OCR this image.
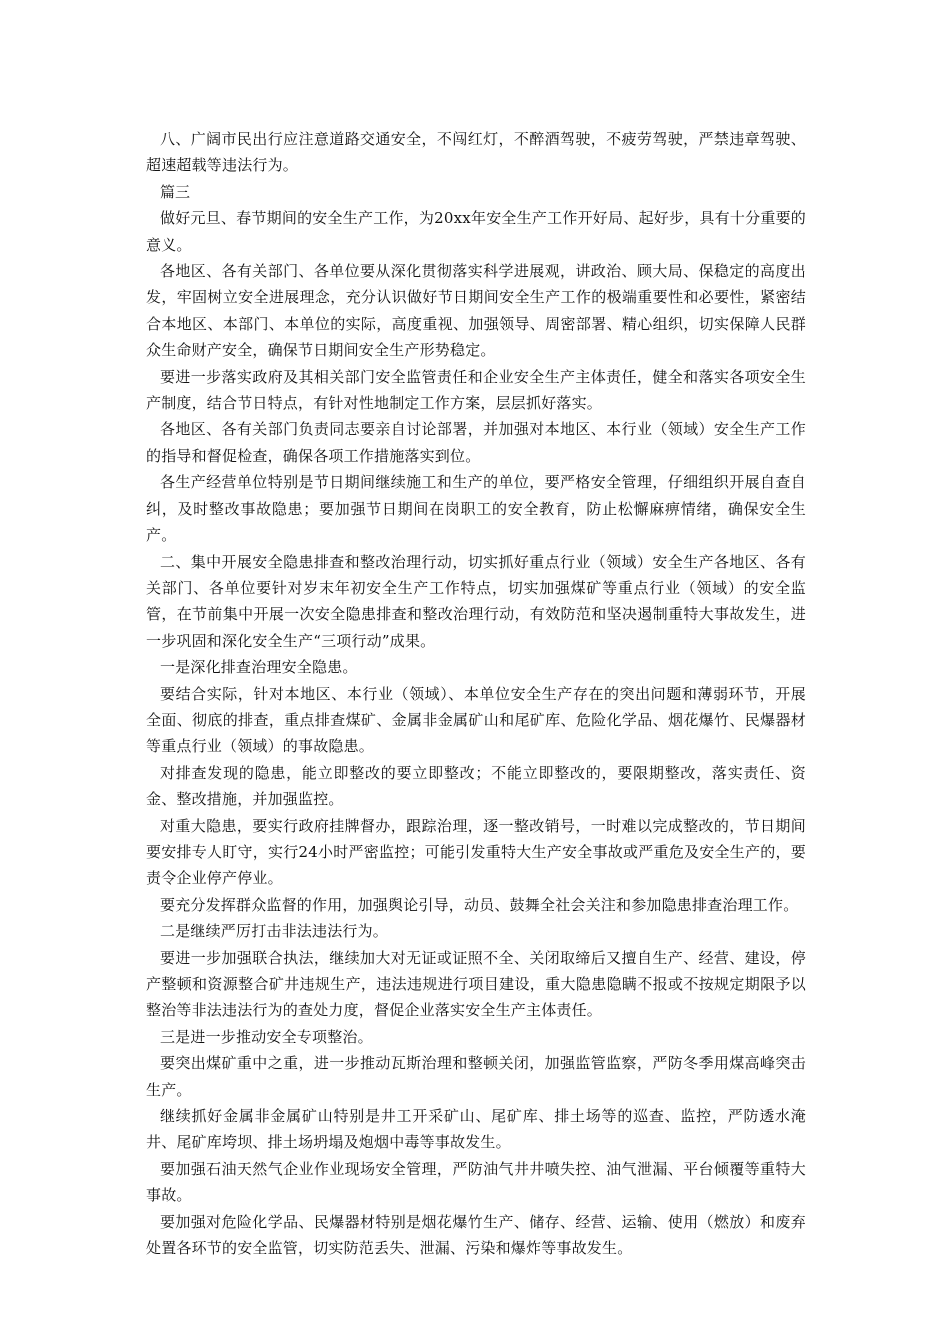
八、广阔市民出行应注意道路交通安全，不闯红灯，不醉酒驾驶，不疲劳驾驶，严禁违章驾驶、超速超载等违法行为。

篇三

做好元旦、春节期间的安全生产工作，为20xx年安全生产工作开好局、起好步，具有十分重要的意义。

各地区、各有关部门、各单位要从深化贯彻落实科学进展观，讲政治、顾大局、保稳定的高度出发，牢固树立安全进展理念，充分认识做好节日期间安全生产工作的极端重要性和必要性，紧密结合本地区、本部门、本单位的实际，高度重视、加强领导、周密部署、精心组织，切实保障人民群众生命财产安全，确保节日期间安全生产形势稳定。

要进一步落实政府及其相关部门安全监管责任和企业安全生产主体责任，健全和落实各项安全生产制度，结合节日特点，有针对性地制定工作方案，层层抓好落实。

各地区、各有关部门负责同志要亲自讨论部署，并加强对本地区、本行业（领域）安全生产工作的指导和督促检查，确保各项工作措施落实到位。

各生产经营单位特别是节日期间继续施工和生产的单位，要严格安全管理，仔细组织开展自查自纠，及时整改事故隐患；要加强节日期间在岗职工的安全教育，防止松懈麻痹情绪，确保安全生产。

二、集中开展安全隐患排查和整改治理行动，切实抓好重点行业（领域）安全生产各地区、各有关部门、各单位要针对岁末年初安全生产工作特点，切实加强煤矿等重点行业（领域）的安全监管，在节前集中开展一次安全隐患排查和整改治理行动，有效防范和坚决遏制重特大事故发生，进一步巩固和深化安全生产“三项行动”成果。

一是深化排查治理安全隐患。

要结合实际，针对本地区、本行业（领域）、本单位安全生产存在的突出问题和薄弱环节，开展全面、彻底的排查，重点排查煤矿、金属非金属矿山和尾矿库、危险化学品、烟花爆竹、民爆器材等重点行业（领域）的事故隐患。

对排查发现的隐患，能立即整改的要立即整改；不能立即整改的，要限期整改，落实责任、资金、整改措施，并加强监控。

对重大隐患，要实行政府挂牌督办，跟踪治理，逐一整改销号，一时难以完成整改的，节日期间要安排专人盯守，实行24小时严密监控；可能引发重特大生产安全事故或严重危及安全生产的，要责令企业停产停业。

要充分发挥群众监督的作用，加强舆论引导，动员、鼓舞全社会关注和参加隐患排查治理工作。

二是继续严厉打击非法违法行为。

要进一步加强联合执法，继续加大对无证或证照不全、关闭取缔后又擅自生产、经营、建设，停产整顿和资源整合矿井违规生产，违法违规进行项目建设，重大隐患隐瞒不报或不按规定期限予以整治等非法违法行为的查处力度，督促企业落实安全生产主体责任。

三是进一步推动安全专项整治。

要突出煤矿重中之重，进一步推动瓦斯治理和整顿关闭，加强监管监察，严防冬季用煤高峰突击生产。

继续抓好金属非金属矿山特别是井工开采矿山、尾矿库、排土场等的巡查、监控，严防透水淹井、尾矿库垮坝、排土场坍塌及炮烟中毒等事故发生。

要加强石油天然气企业作业现场安全管理，严防油气井井喷失控、油气泄漏、平台倾覆等重特大事故。

要加强对危险化学品、民爆器材特别是烟花爆竹生产、储存、经营、运输、使用（燃放）和废弃处置各环节的安全监管，切实防范丢失、泄漏、污染和爆炸等事故发生。
